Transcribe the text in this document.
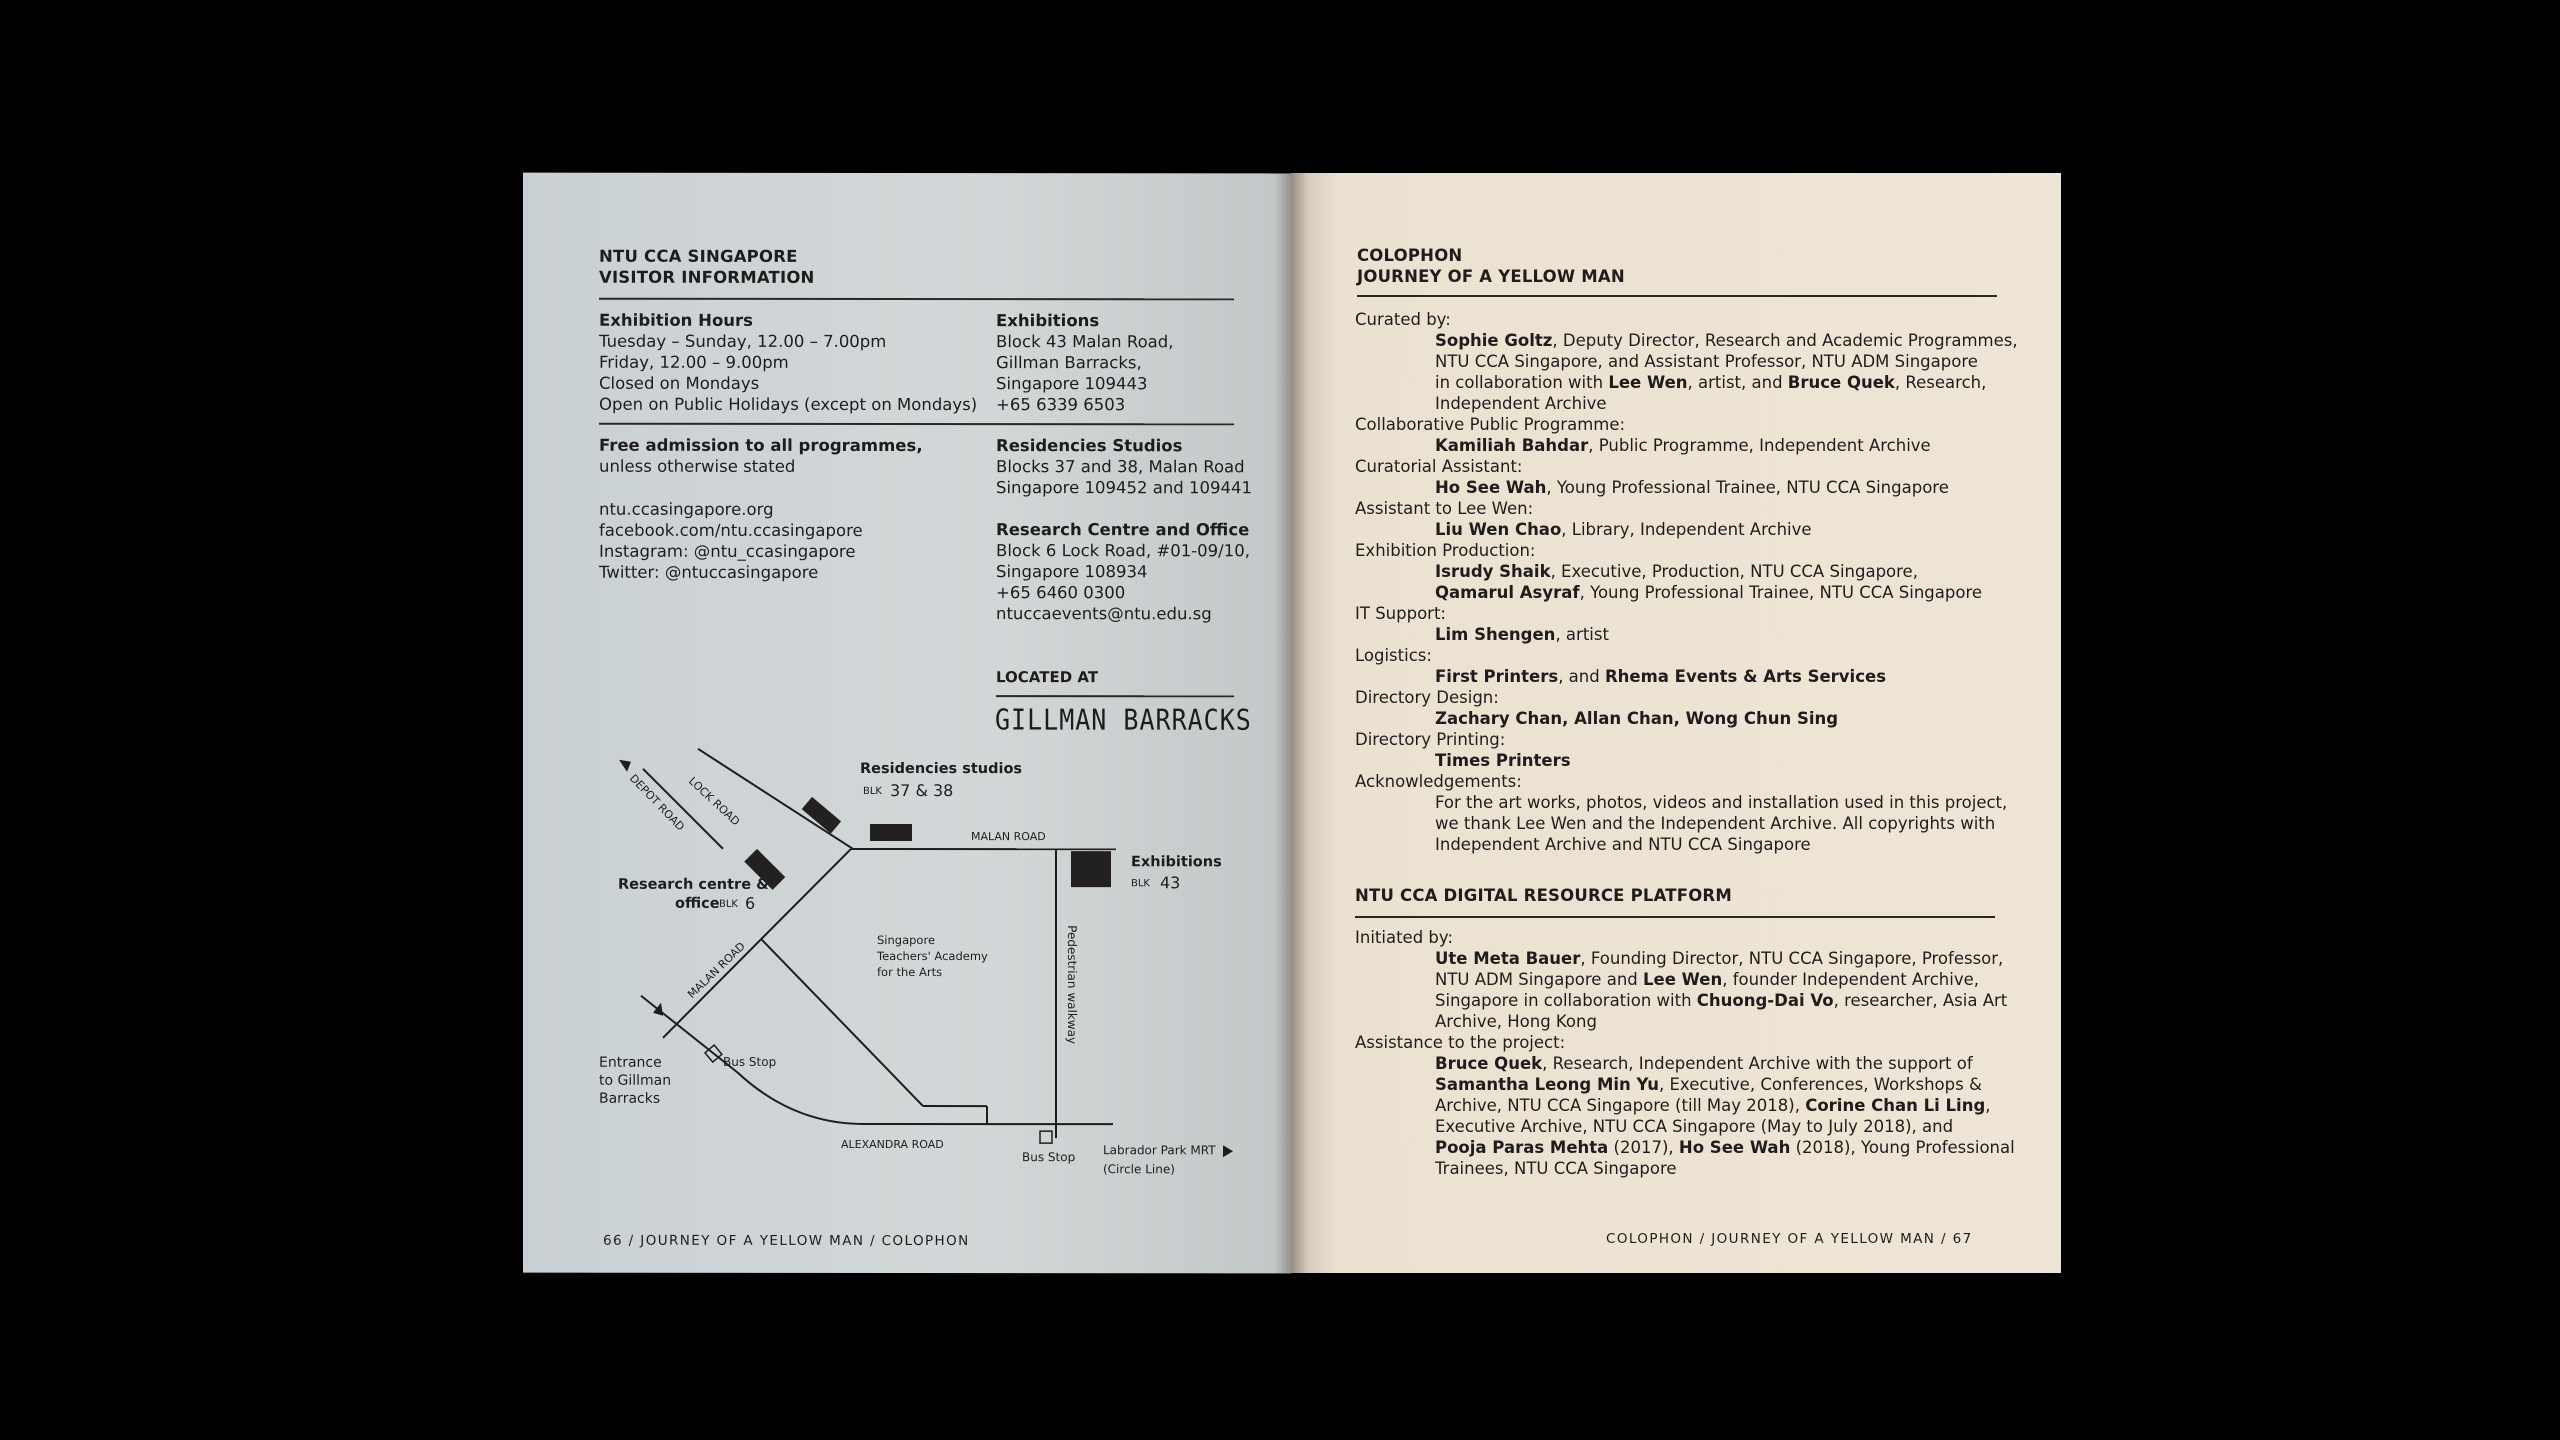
NTU CCA SINGAPORE
VISITOR INFORMATION
Exhibition Hours
Tuesday – Sunday, 12.00 – 7.00pm
Friday, 12.00 – 9.00pm
Closed on Mondays
Open on Public Holidays (except on Mondays)
Exhibitions
Block 43 Malan Road,
Gillman Barracks,
Singapore 109443
+65 6339 6503
Free admission to all programmes,
unless otherwise stated
ntu.ccasingapore.org
facebook.com/ntu.ccasingapore
Instagram: @ntu_ccasingapore
Twitter: @ntuccasingapore
Residencies Studios
Blocks 37 and 38, Malan Road
Singapore 109452 and 109441
Research Centre and Office
Block 6 Lock Road, #01-09/10,
Singapore 108934
+65 6460 0300
ntuccaevents@ntu.edu.sg
LOCATED AT
GILLMAN BARRACKS
Residencies studios
BLK 37 & 38
Exhibitions
BLK 43
Research centre &
office BLK 6
LOCK ROAD
DEPOT ROAD
MALAN ROAD
MALAN ROAD
ALEXANDRA ROAD
Pedestrian walkway
Singapore
Teachers' Academy
for the Arts
Entrance
to Gillman
Barracks
Bus Stop
Bus Stop Labrador Park MRT
(Circle Line)
66 / JOURNEY OF A YELLOW MAN / COLOPHON
COLOPHON
JOURNEY OF A YELLOW MAN
Curated by:
Sophie Goltz, Deputy Director, Research and Academic Programmes,
NTU CCA Singapore, and Assistant Professor, NTU ADM Singapore
in collaboration with Lee Wen, artist, and Bruce Quek, Research,
Independent Archive
Collaborative Public Programme:
Kamiliah Bahdar, Public Programme, Independent Archive
Curatorial Assistant:
Ho See Wah, Young Professional Trainee, NTU CCA Singapore
Assistant to Lee Wen:
Liu Wen Chao, Library, Independent Archive
Exhibition Production:
Isrudy Shaik, Executive, Production, NTU CCA Singapore,
Qamarul Asyraf, Young Professional Trainee, NTU CCA Singapore
IT Support:
Lim Shengen, artist
Logistics:
First Printers, and Rhema Events & Arts Services
Directory Design:
Zachary Chan, Allan Chan, Wong Chun Sing
Directory Printing:
Times Printers
Acknowledgements:
For the art works, photos, videos and installation used in this project,
we thank Lee Wen and the Independent Archive. All copyrights with
Independent Archive and NTU CCA Singapore
NTU CCA DIGITAL RESOURCE PLATFORM
Initiated by:
Ute Meta Bauer, Founding Director, NTU CCA Singapore, Professor,
NTU ADM Singapore and Lee Wen, founder Independent Archive,
Singapore in collaboration with Chuong-Dai Vo, researcher, Asia Art
Archive, Hong Kong
Assistance to the project:
Bruce Quek, Research, Independent Archive with the support of
Samantha Leong Min Yu, Executive, Conferences, Workshops &
Archive, NTU CCA Singapore (till May 2018), Corine Chan Li Ling,
Executive Archive, NTU CCA Singapore (May to July 2018), and
Pooja Paras Mehta (2017), Ho See Wah (2018), Young Professional
Trainees, NTU CCA Singapore
COLOPHON / JOURNEY OF A YELLOW MAN / 67
